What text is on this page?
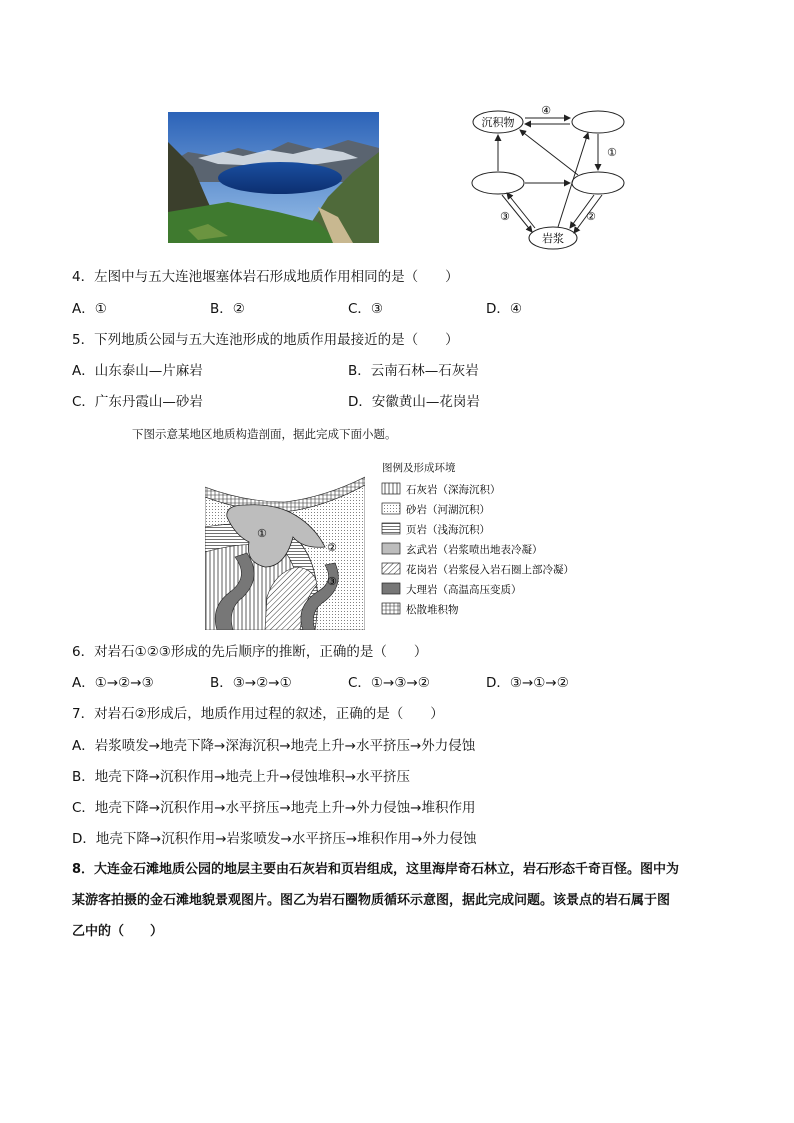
沉积物
岩浆
④
①
②
③
4．左图中与五大连池堰塞体岩石形成地质作用相同的是（　　）
A．①	B．②	C．③	D．④
5．下列地质公园与五大连池形成的地质作用最接近的是（　　）
A．山东泰山—片麻岩	B．云南石林—石灰岩
C．广东丹霞山—砂岩	D．安徽黄山—花岗岩
下图示意某地区地质构造剖面，据此完成下面小题。
①
②
③
图例及形成环境
石灰岩（深海沉积）
砂岩（河湖沉积）
页岩（浅海沉积）
玄武岩（岩浆喷出地表冷凝）
花岗岩（岩浆侵入岩石圈上部冷凝）
大理岩（高温高压变质）
松散堆积物
6．对岩石①②③形成的先后顺序的推断，正确的是（　　）
A．①→②→③	B．③→②→①	C．①→③→②	D．③→①→②
7．对岩石②形成后，地质作用过程的叙述，正确的是（　　）
A．岩浆喷发→地壳下降→深海沉积→地壳上升→水平挤压→外力侵蚀
B．地壳下降→沉积作用→地壳上升→侵蚀堆积→水平挤压
C．地壳下降→沉积作用→水平挤压→地壳上升→外力侵蚀→堆积作用
D．地壳下降→沉积作用→岩浆喷发→水平挤压→堆积作用→外力侵蚀
8．大连金石滩地质公园的地层主要由石灰岩和页岩组成，这里海岸奇石林立，岩石形态千奇百怪。图中为
某游客拍摄的金石滩地貌景观图片。图乙为岩石圈物质循环示意图，据此完成问题。该景点的岩石属于图
乙中的（　　）
